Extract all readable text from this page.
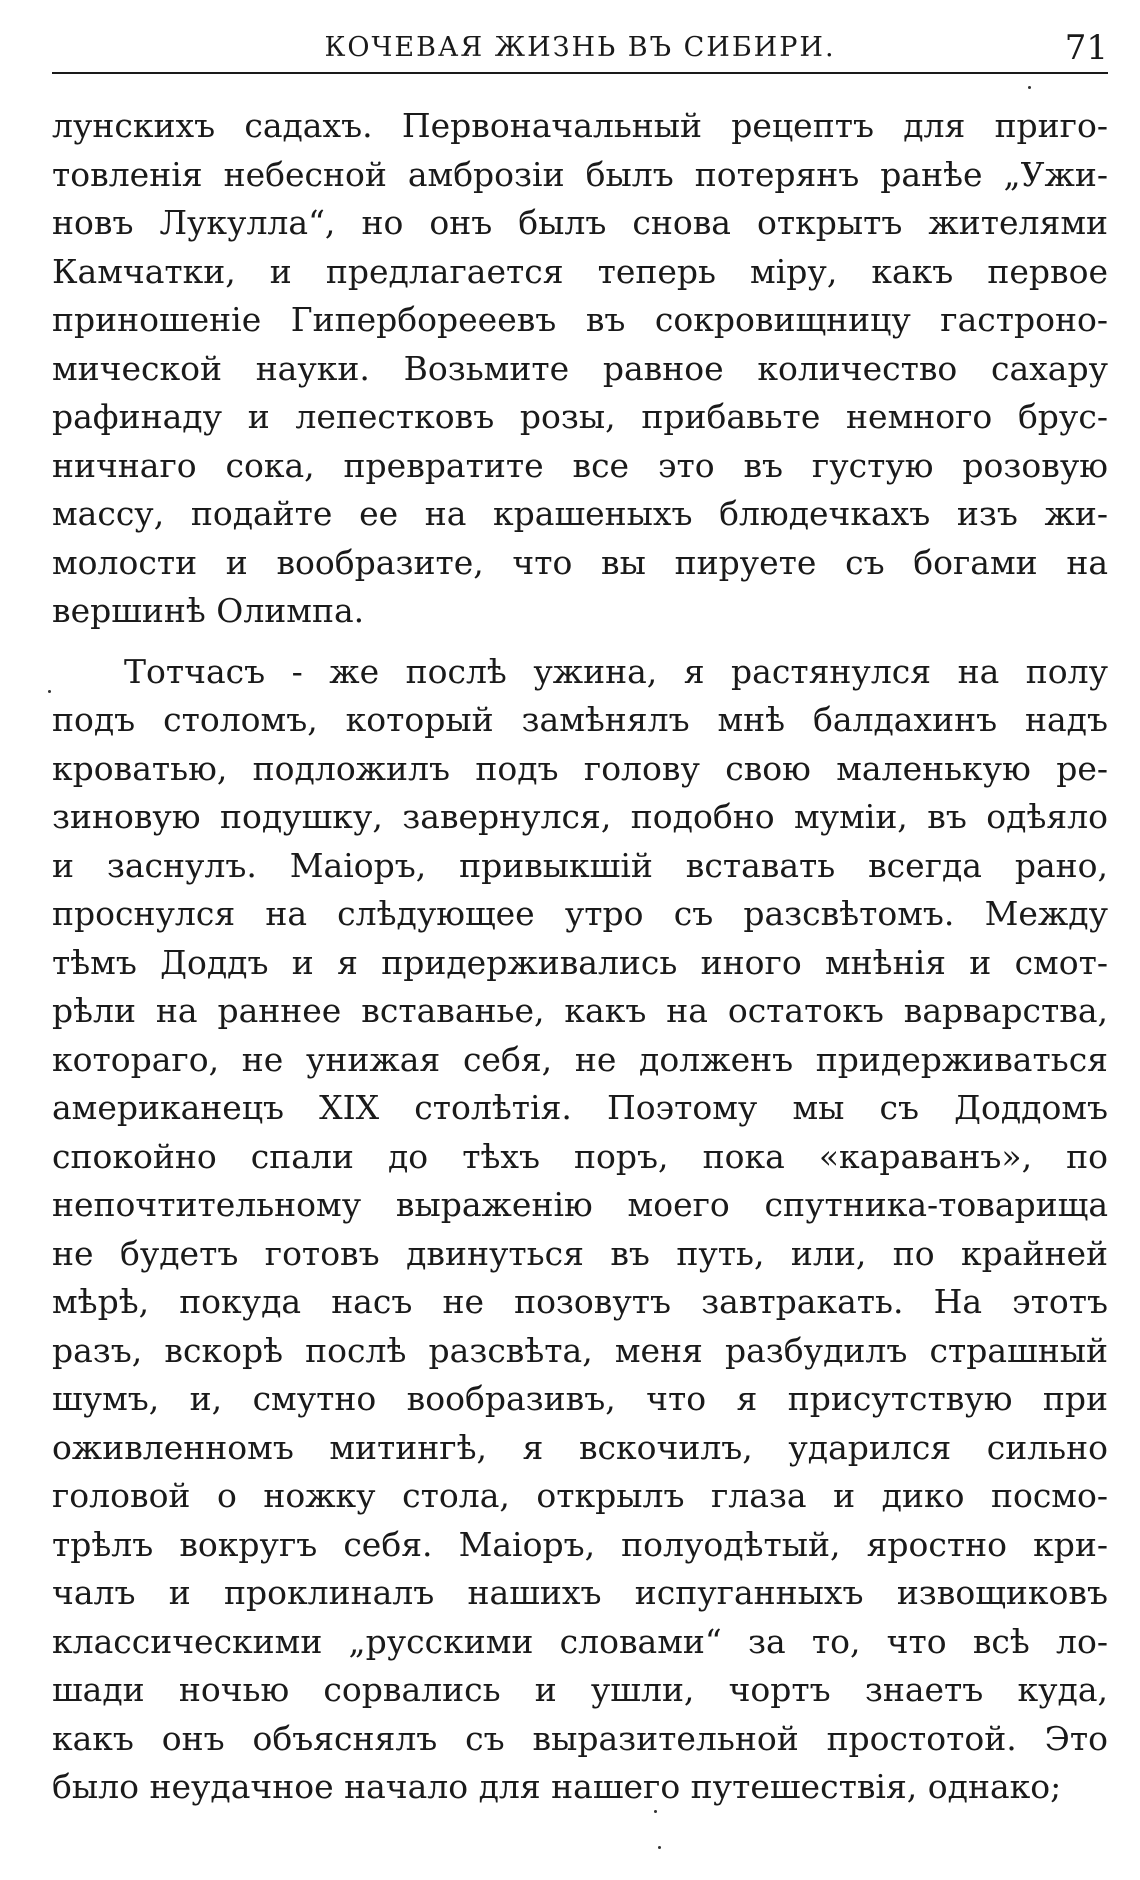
КОЧЕВАЯ ЖИЗНЬ ВЪ СИБИРИ.	71
лунскихъ садахъ. Первоначальный рецептъ для приго-
товленія небесной амброзіи былъ потерянъ ранѣе „Ужи-
новъ Лукулла“, но онъ былъ снова открытъ жителями
Камчатки, и предлагается теперь міру, какъ первое
приношеніе Гиперборееевъ въ сокровищницу гастроно-
мической науки. Возьмите равное количество сахару
рафинаду и лепестковъ розы, прибавьте немного брус-
ничнаго сока, превратите все это въ густую розовую
массу, подайте ее на крашеныхъ блюдечкахъ изъ жи-
молости и вообразите, что вы пируете съ богами на
вершинѣ Олимпа.
Тотчасъ - же послѣ ужина, я растянулся на полу
подъ столомъ, который замѣнялъ мнѣ балдахинъ надъ
кроватью, подложилъ подъ голову свою маленькую ре-
зиновую подушку, завернулся, подобно муміи, въ одѣяло
и заснулъ. Маіоръ, привыкшій вставать всегда рано,
проснулся на слѣдующее утро съ разсвѣтомъ. Между
тѣмъ Доддъ и я придерживались иного мнѣнія и смот-
рѣли на раннее вставанье, какъ на остатокъ варварства,
котораго, не унижая себя, не долженъ придерживаться
американецъ XIX столѣтія. Поэтому мы съ Доддомъ
спокойно спали до тѣхъ поръ, пока «караванъ», по
непочтительному выраженію моего спутника-товарища
не будетъ готовъ двинуться въ путь, или, по крайней
мѣрѣ, покуда насъ не позовутъ завтракать. На этотъ
разъ, вскорѣ послѣ разсвѣта, меня разбудилъ страшный
шумъ, и, смутно вообразивъ, что я присутствую при
оживленномъ митингѣ, я вскочилъ, ударился сильно
головой о ножку стола, открылъ глаза и дико посмо-
трѣлъ вокругъ себя. Маіоръ, полуодѣтый, яростно кри-
чалъ и проклиналъ нашихъ испуганныхъ извощиковъ
классическими „русскими словами“ за то, что всѣ ло-
шади ночью сорвались и ушли, чортъ знаетъ куда,
какъ онъ объяснялъ съ выразительной простотой. Это
было неудачное начало для нашего путешествія, однако;
